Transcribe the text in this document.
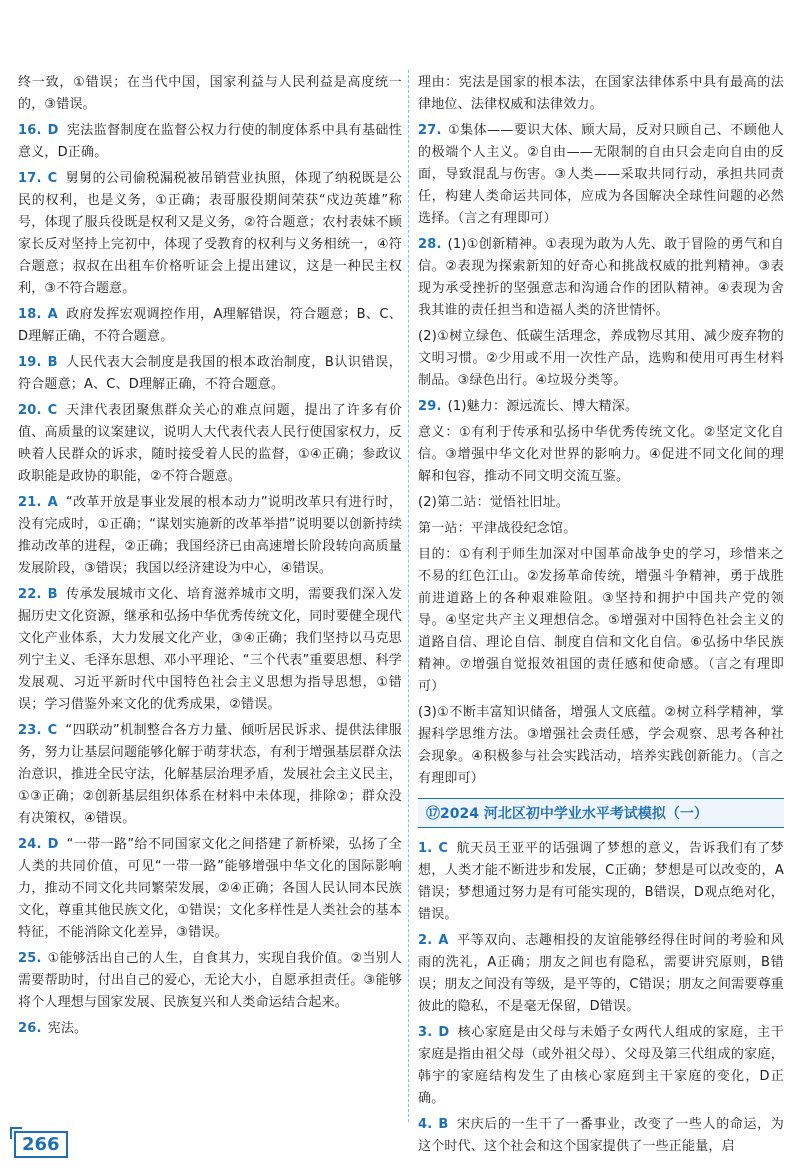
终一致，①错误；在当代中国，国家利益与人民利益是高度统一的，③错误。
16. D 宪法监督制度在监督公权力行使的制度体系中具有基础性意义，D正确。
17. C 舅舅的公司偷税漏税被吊销营业执照，体现了纳税既是公民的权利，也是义务，①正确；表哥服役期间荣获“戍边英雄”称号，体现了服兵役既是权利又是义务，②符合题意；农村表妹不顾家长反对坚持上完初中，体现了受教育的权利与义务相统一，④符合题意；叔叔在出租车价格听证会上提出建议，这是一种民主权利，③不符合题意。
18. A 政府发挥宏观调控作用，A理解错误，符合题意；B、C、D理解正确，不符合题意。
19. B 人民代表大会制度是我国的根本政治制度，B认识错误，符合题意；A、C、D理解正确，不符合题意。
20. C 天津代表团聚焦群众关心的难点问题，提出了许多有价值、高质量的议案建议，说明人大代表代表人民行使国家权力，反映着人民群众的诉求，随时接受着人民的监督，①④正确；参政议政职能是政协的职能，②不符合题意。
21. A “改革开放是事业发展的根本动力”说明改革只有进行时，没有完成时，①正确；“谋划实施新的改革举措”说明要以创新持续推动改革的进程，②正确；我国经济已由高速增长阶段转向高质量发展阶段，③错误；我国以经济建设为中心，④错误。
22. B 传承发展城市文化、培育滋养城市文明，需要我们深入发掘历史文化资源，继承和弘扬中华优秀传统文化，同时要健全现代文化产业体系，大力发展文化产业，③④正确；我们坚持以马克思列宁主义、毛泽东思想、邓小平理论、“三个代表”重要思想、科学发展观、习近平新时代中国特色社会主义思想为指导思想，①错误；学习借鉴外来文化的优秀成果，②错误。
23. C “四联动”机制整合各方力量、倾听居民诉求、提供法律服务，努力让基层问题能够化解于萌芽状态，有利于增强基层群众法治意识，推进全民守法，化解基层治理矛盾，发展社会主义民主，①③正确；②创新基层组织体系在材料中未体现，排除②；群众没有决策权，④错误。
24. D “一带一路”给不同国家文化之间搭建了新桥梁，弘扬了全人类的共同价值，可见“一带一路”能够增强中华文化的国际影响力，推动不同文化共同繁荣发展，②④正确；各国人民认同本民族文化，尊重其他民族文化，①错误；文化多样性是人类社会的基本特征，不能消除文化差异，③错误。
25. ①能够活出自己的人生，自食其力，实现自我价值。②当别人需要帮助时，付出自己的爱心，无论大小，自愿承担责任。③能够将个人理想与国家发展、民族复兴和人类命运结合起来。
26. 宪法。
理由：宪法是国家的根本法，在国家法律体系中具有最高的法律地位、法律权威和法律效力。
27. ①集体——要识大体、顾大局，反对只顾自己、不顾他人的极端个人主义。②自由——无限制的自由只会走向自由的反面，导致混乱与伤害。③人类——采取共同行动，承担共同责任，构建人类命运共同体，应成为各国解决全球性问题的必然选择。（言之有理即可）
28. (1)①创新精神。①表现为敢为人先、敢于冒险的勇气和自信。②表现为探索新知的好奇心和挑战权威的批判精神。③表现为承受挫折的坚强意志和沟通合作的团队精神。④表现为舍我其谁的责任担当和造福人类的济世情怀。
(2)①树立绿色、低碳生活理念，养成物尽其用、减少废弃物的文明习惯。②少用或不用一次性产品，选购和使用可再生材料制品。③绿色出行。④垃圾分类等。
29. (1)魅力：源远流长、博大精深。
意义：①有利于传承和弘扬中华优秀传统文化。②坚定文化自信。③增强中华文化对世界的影响力。④促进不同文化间的理解和包容，推动不同文明交流互鉴。
(2)第二站：觉悟社旧址。
第一站：平津战役纪念馆。
目的：①有利于师生加深对中国革命战争史的学习，珍惜来之不易的红色江山。②发扬革命传统，增强斗争精神，勇于战胜前进道路上的各种艰难险阻。③坚持和拥护中国共产党的领导。④坚定共产主义理想信念。⑤增强对中国特色社会主义的道路自信、理论自信、制度自信和文化自信。⑥弘扬中华民族精神。⑦增强自觉报效祖国的责任感和使命感。（言之有理即可）
(3)①不断丰富知识储备，增强人文底蕴。②树立科学精神，掌握科学思维方法。③增强社会责任感，学会观察、思考各种社会现象。④积极参与社会实践活动，培养实践创新能力。（言之有理即可）
⑰2024 河北区初中学业水平考试模拟（一）
1. C 航天员王亚平的话强调了梦想的意义，告诉我们有了梦想，人类才能不断进步和发展，C正确；梦想是可以改变的，A错误；梦想通过努力是有可能实现的，B错误，D观点绝对化，错误。
2. A 平等双向、志趣相投的友谊能够经得住时间的考验和风雨的洗礼，A正确；朋友之间也有隐私，需要讲究原则，B错误；朋友之间没有等级，是平等的，C错误；朋友之间需要尊重彼此的隐私，不是毫无保留，D错误。
3. D 核心家庭是由父母与未婚子女两代人组成的家庭，主干家庭是指由祖父母（或外祖父母）、父母及第三代组成的家庭，韩宇的家庭结构发生了由核心家庭到主干家庭的变化，D正确。
4. B 宋庆后的一生干了一番事业，改变了一些人的命运，为这个时代、这个社会和这个国家提供了一些正能量，启
266
